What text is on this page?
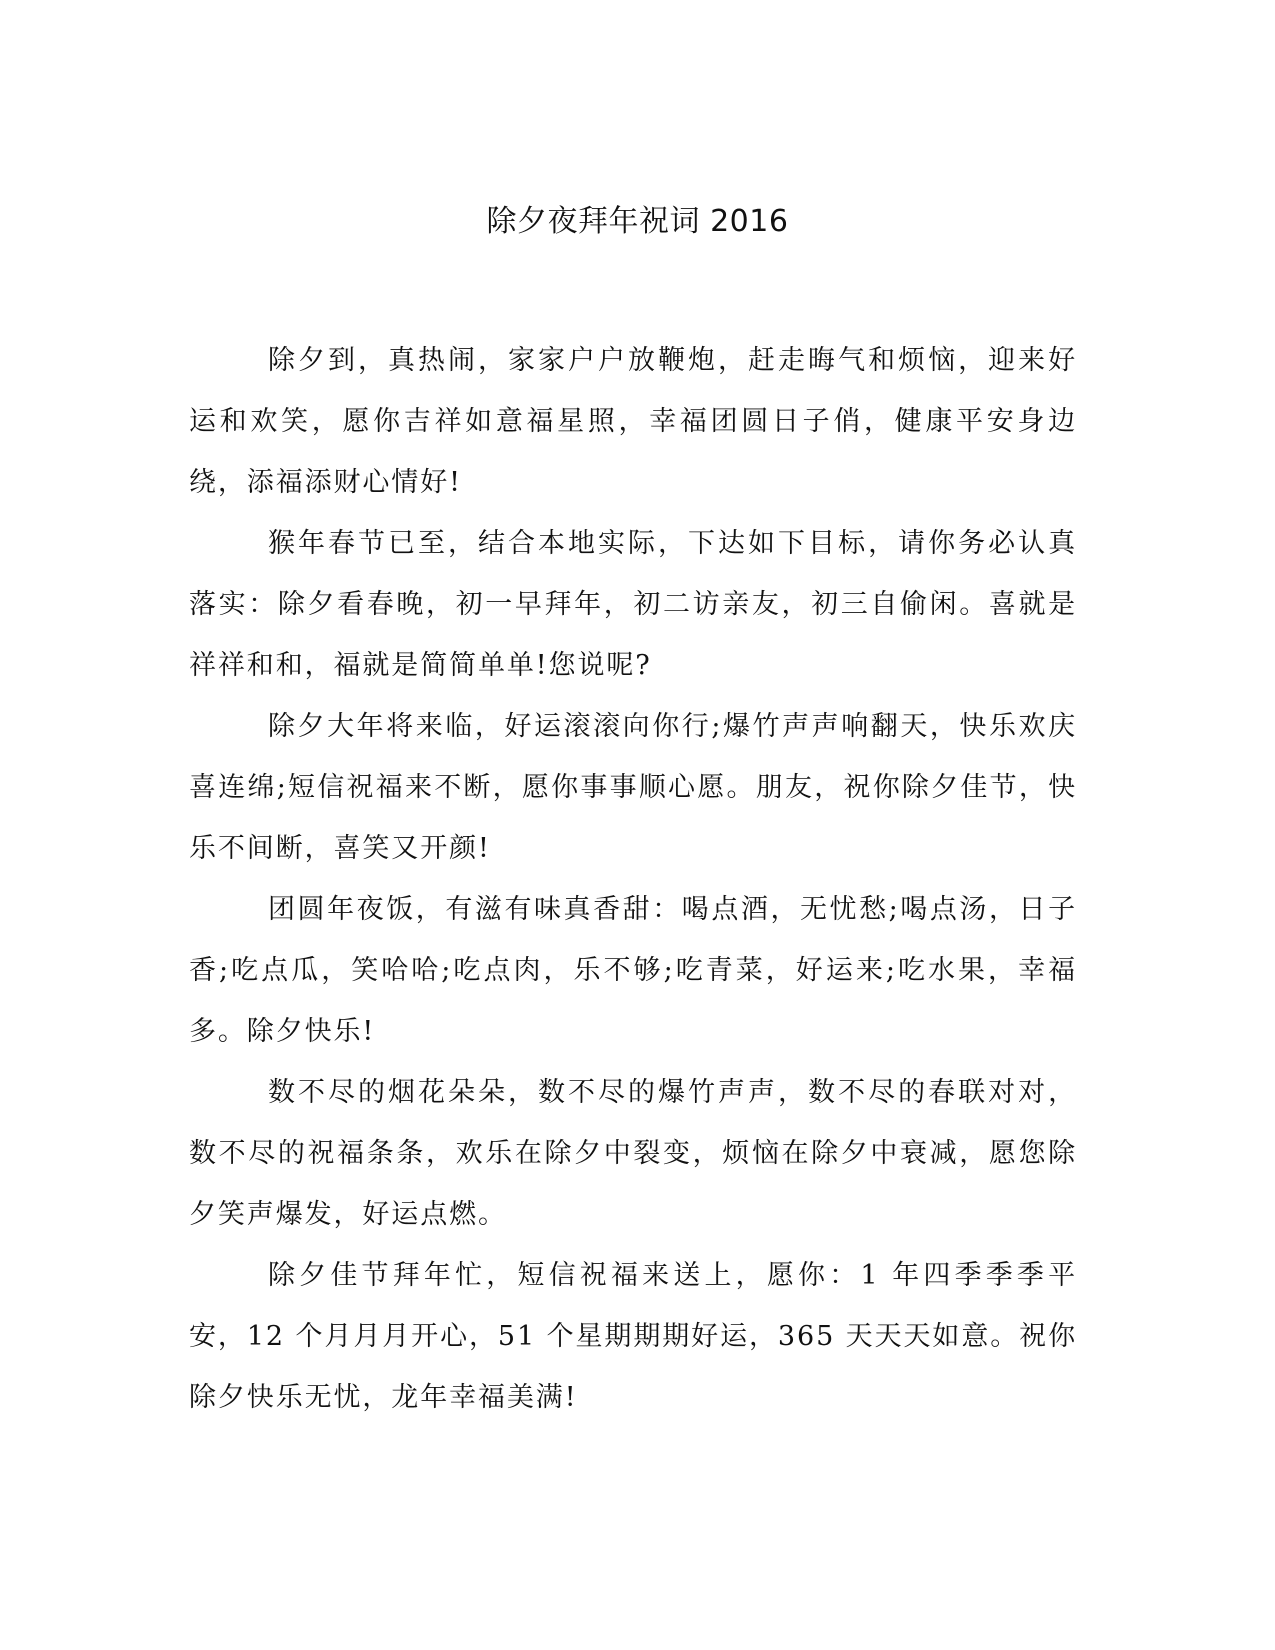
除夕夜拜年祝词 2016

除夕到，真热闹，家家户户放鞭炮，赶走晦气和烦恼，迎来好运和欢笑，愿你吉祥如意福星照，幸福团圆日子俏，健康平安身边绕，添福添财心情好!

猴年春节已至，结合本地实际，下达如下目标，请你务必认真落实：除夕看春晚，初一早拜年，初二访亲友，初三自偷闲。喜就是祥祥和和，福就是简简单单!您说呢?

除夕大年将来临，好运滚滚向你行;爆竹声声响翻天，快乐欢庆喜连绵;短信祝福来不断，愿你事事顺心愿。朋友，祝你除夕佳节，快乐不间断，喜笑又开颜!

团圆年夜饭，有滋有味真香甜：喝点酒，无忧愁;喝点汤，日子香;吃点瓜，笑哈哈;吃点肉，乐不够;吃青菜，好运来;吃水果，幸福多。除夕快乐!

数不尽的烟花朵朵，数不尽的爆竹声声，数不尽的春联对对，数不尽的祝福条条，欢乐在除夕中裂变，烦恼在除夕中衰减，愿您除夕笑声爆发，好运点燃。

除夕佳节拜年忙，短信祝福来送上，愿你：1 年四季季季平安，12 个月月月开心，51 个星期期期好运，365 天天天如意。祝你除夕快乐无忧，龙年幸福美满!
